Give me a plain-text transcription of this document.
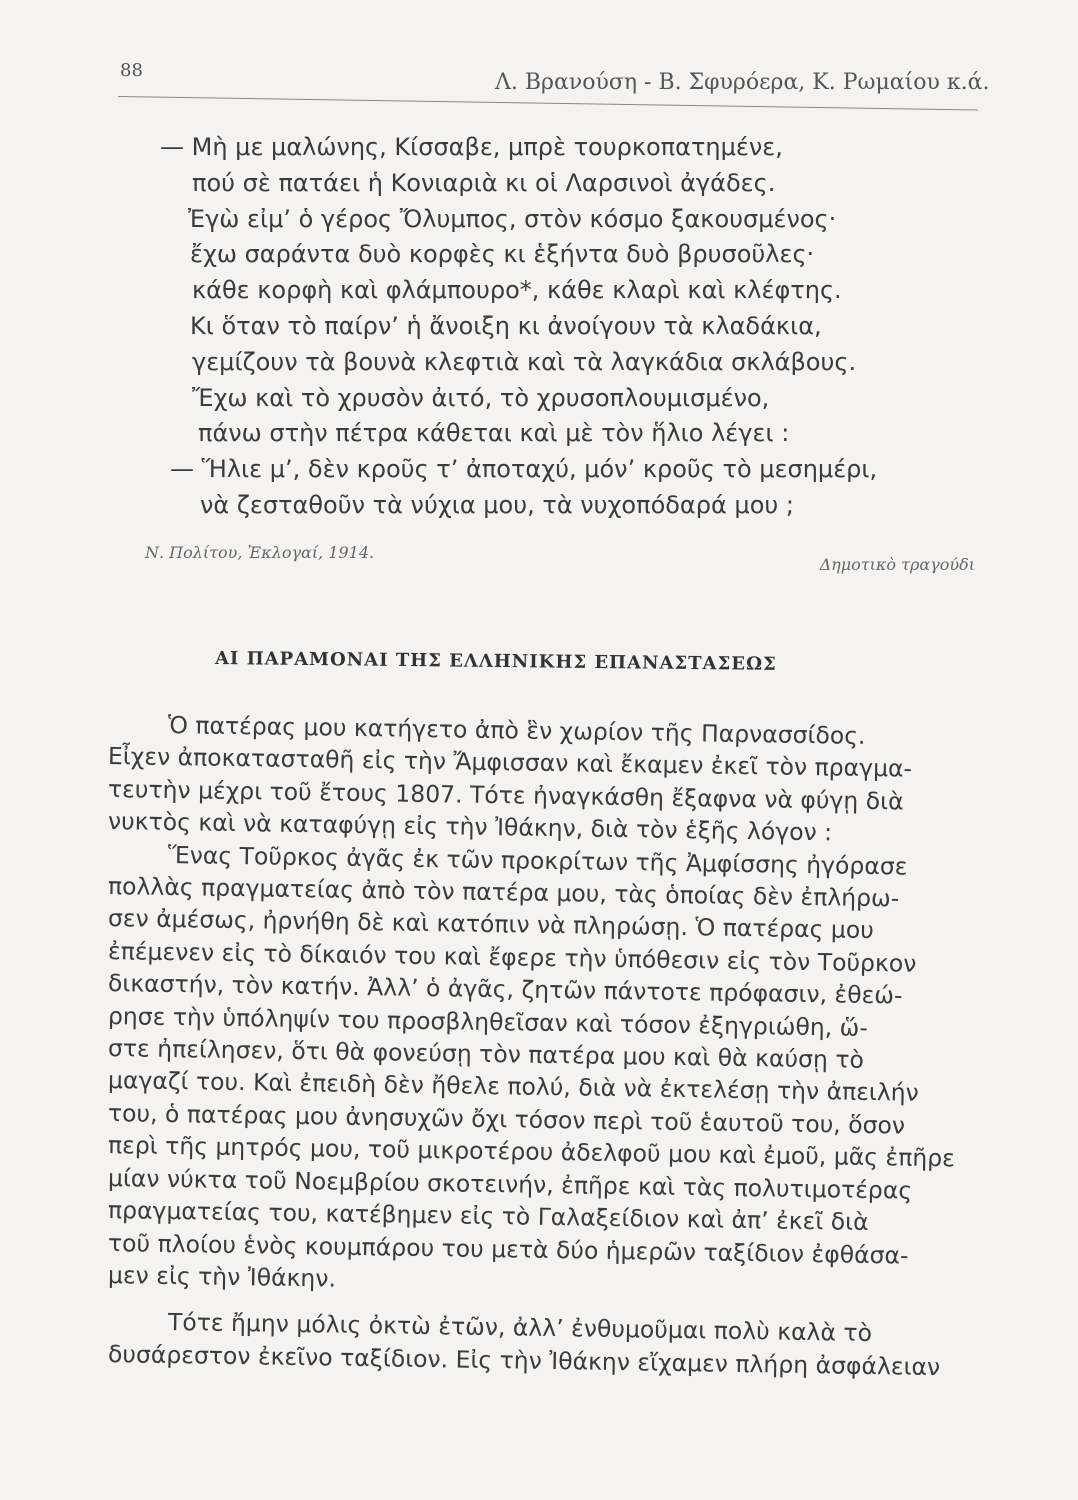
88	Λ. Βρανούση - Β. Σφυρόερα, Κ. Ρωμαίου κ.ά.
— Μὴ με μαλώνης, Κίσσαβε, μπρὲ τουρκοπατημένε,
πού σὲ πατάει ἡ Κονιαριὰ κι οἱ Λαρσινοὶ ἀγάδες.
Ἐγὼ εἰμ’ ὁ γέρος Ὄλυμπος, στὸν κόσμο ξακουσμένος·
ἔχω σαράντα δυὸ κορφὲς κι ἑξήντα δυὸ βρυσοῦλες·
κάθε κορφὴ καὶ φλάμπουρο*, κάθε κλαρὶ καὶ κλέφτης.
Κι ὅταν τὸ παίρν’ ἡ ἄνοιξη κι ἀνοίγουν τὰ κλαδάκια,
γεμίζουν τὰ βουνὰ κλεφτιὰ καὶ τὰ λαγκάδια σκλάβους.
Ἔχω καὶ τὸ χρυσὸν ἀιτό, τὸ χρυσοπλουμισμένο,
πάνω στὴν πέτρα κάθεται καὶ μὲ τὸν ἥλιο λέγει :
— Ἥλιε μ’, δὲν κροῦς τ’ ἀποταχύ, μόν’ κροῦς τὸ μεσημέρι,
νὰ ζεσταθοῦν τὰ νύχια μου, τὰ νυχοπόδαρά μου ;
Ν. Πολίτου, Ἐκλογαί, 1914.
Δημοτικὸ τραγούδι
ΑΙ ΠΑΡΑΜΟΝΑΙ ΤΗΣ ΕΛΛΗΝΙΚΗΣ ΕΠΑΝΑΣΤΑΣΕΩΣ
Ὁ πατέρας μου κατήγετο ἀπὸ ἓν χωρίον τῆς Παρνασσίδος.
Εἶχεν ἀποκατασταθῆ εἰς τὴν Ἄμφισσαν καὶ ἔκαμεν ἐκεῖ τὸν πραγμα-
τευτὴν μέχρι τοῦ ἔτους 1807. Τότε ἠναγκάσθη ἔξαφνα νὰ φύγῃ διὰ
νυκτὸς καὶ νὰ καταφύγῃ εἰς τὴν Ἰθάκην, διὰ τὸν ἑξῆς λόγον :
Ἕνας Τοῦρκος ἀγᾶς ἐκ τῶν προκρίτων τῆς Ἀμφίσσης ἠγόρασε
πολλὰς πραγματείας ἀπὸ τὸν πατέρα μου, τὰς ὁποίας δὲν ἐπλήρω-
σεν ἀμέσως, ἠρνήθη δὲ καὶ κατόπιν νὰ πληρώσῃ. Ὁ πατέρας μου
ἐπέμενεν εἰς τὸ δίκαιόν του καὶ ἔφερε τὴν ὑπόθεσιν εἰς τὸν Τοῦρκον
δικαστήν, τὸν κατήν. Ἀλλ’ ὁ ἀγᾶς, ζητῶν πάντοτε πρόφασιν, ἐθεώ-
ρησε τὴν ὑπόληψίν του προσβληθεῖσαν καὶ τόσον ἐξηγριώθη, ὥ-
στε ἠπείλησεν, ὅτι θὰ φονεύσῃ τὸν πατέρα μου καὶ θὰ καύσῃ τὸ
μαγαζί του. Καὶ ἐπειδὴ δὲν ἤθελε πολύ, διὰ νὰ ἐκτελέσῃ τὴν ἀπειλήν
του, ὁ πατέρας μου ἀνησυχῶν ὄχι τόσον περὶ τοῦ ἑαυτοῦ του, ὅσον
περὶ τῆς μητρός μου, τοῦ μικροτέρου ἀδελφοῦ μου καὶ ἐμοῦ, μᾶς ἐπῆρε
μίαν νύκτα τοῦ Νοεμβρίου σκοτεινήν, ἐπῆρε καὶ τὰς πολυτιμοτέρας
πραγματείας του, κατέβημεν εἰς τὸ Γαλαξείδιον καὶ ἀπ’ ἐκεῖ διὰ
τοῦ πλοίου ἑνὸς κουμπάρου του μετὰ δύο ἡμερῶν ταξίδιον ἐφθάσα-
μεν εἰς τὴν Ἰθάκην.
Τότε ἤμην μόλις ὀκτὼ ἐτῶν, ἀλλ’ ἐνθυμοῦμαι πολὺ καλὰ τὸ
δυσάρεστον ἐκεῖνο ταξίδιον. Εἰς τὴν Ἰθάκην εἴχαμεν πλήρη ἀσφάλειαν
